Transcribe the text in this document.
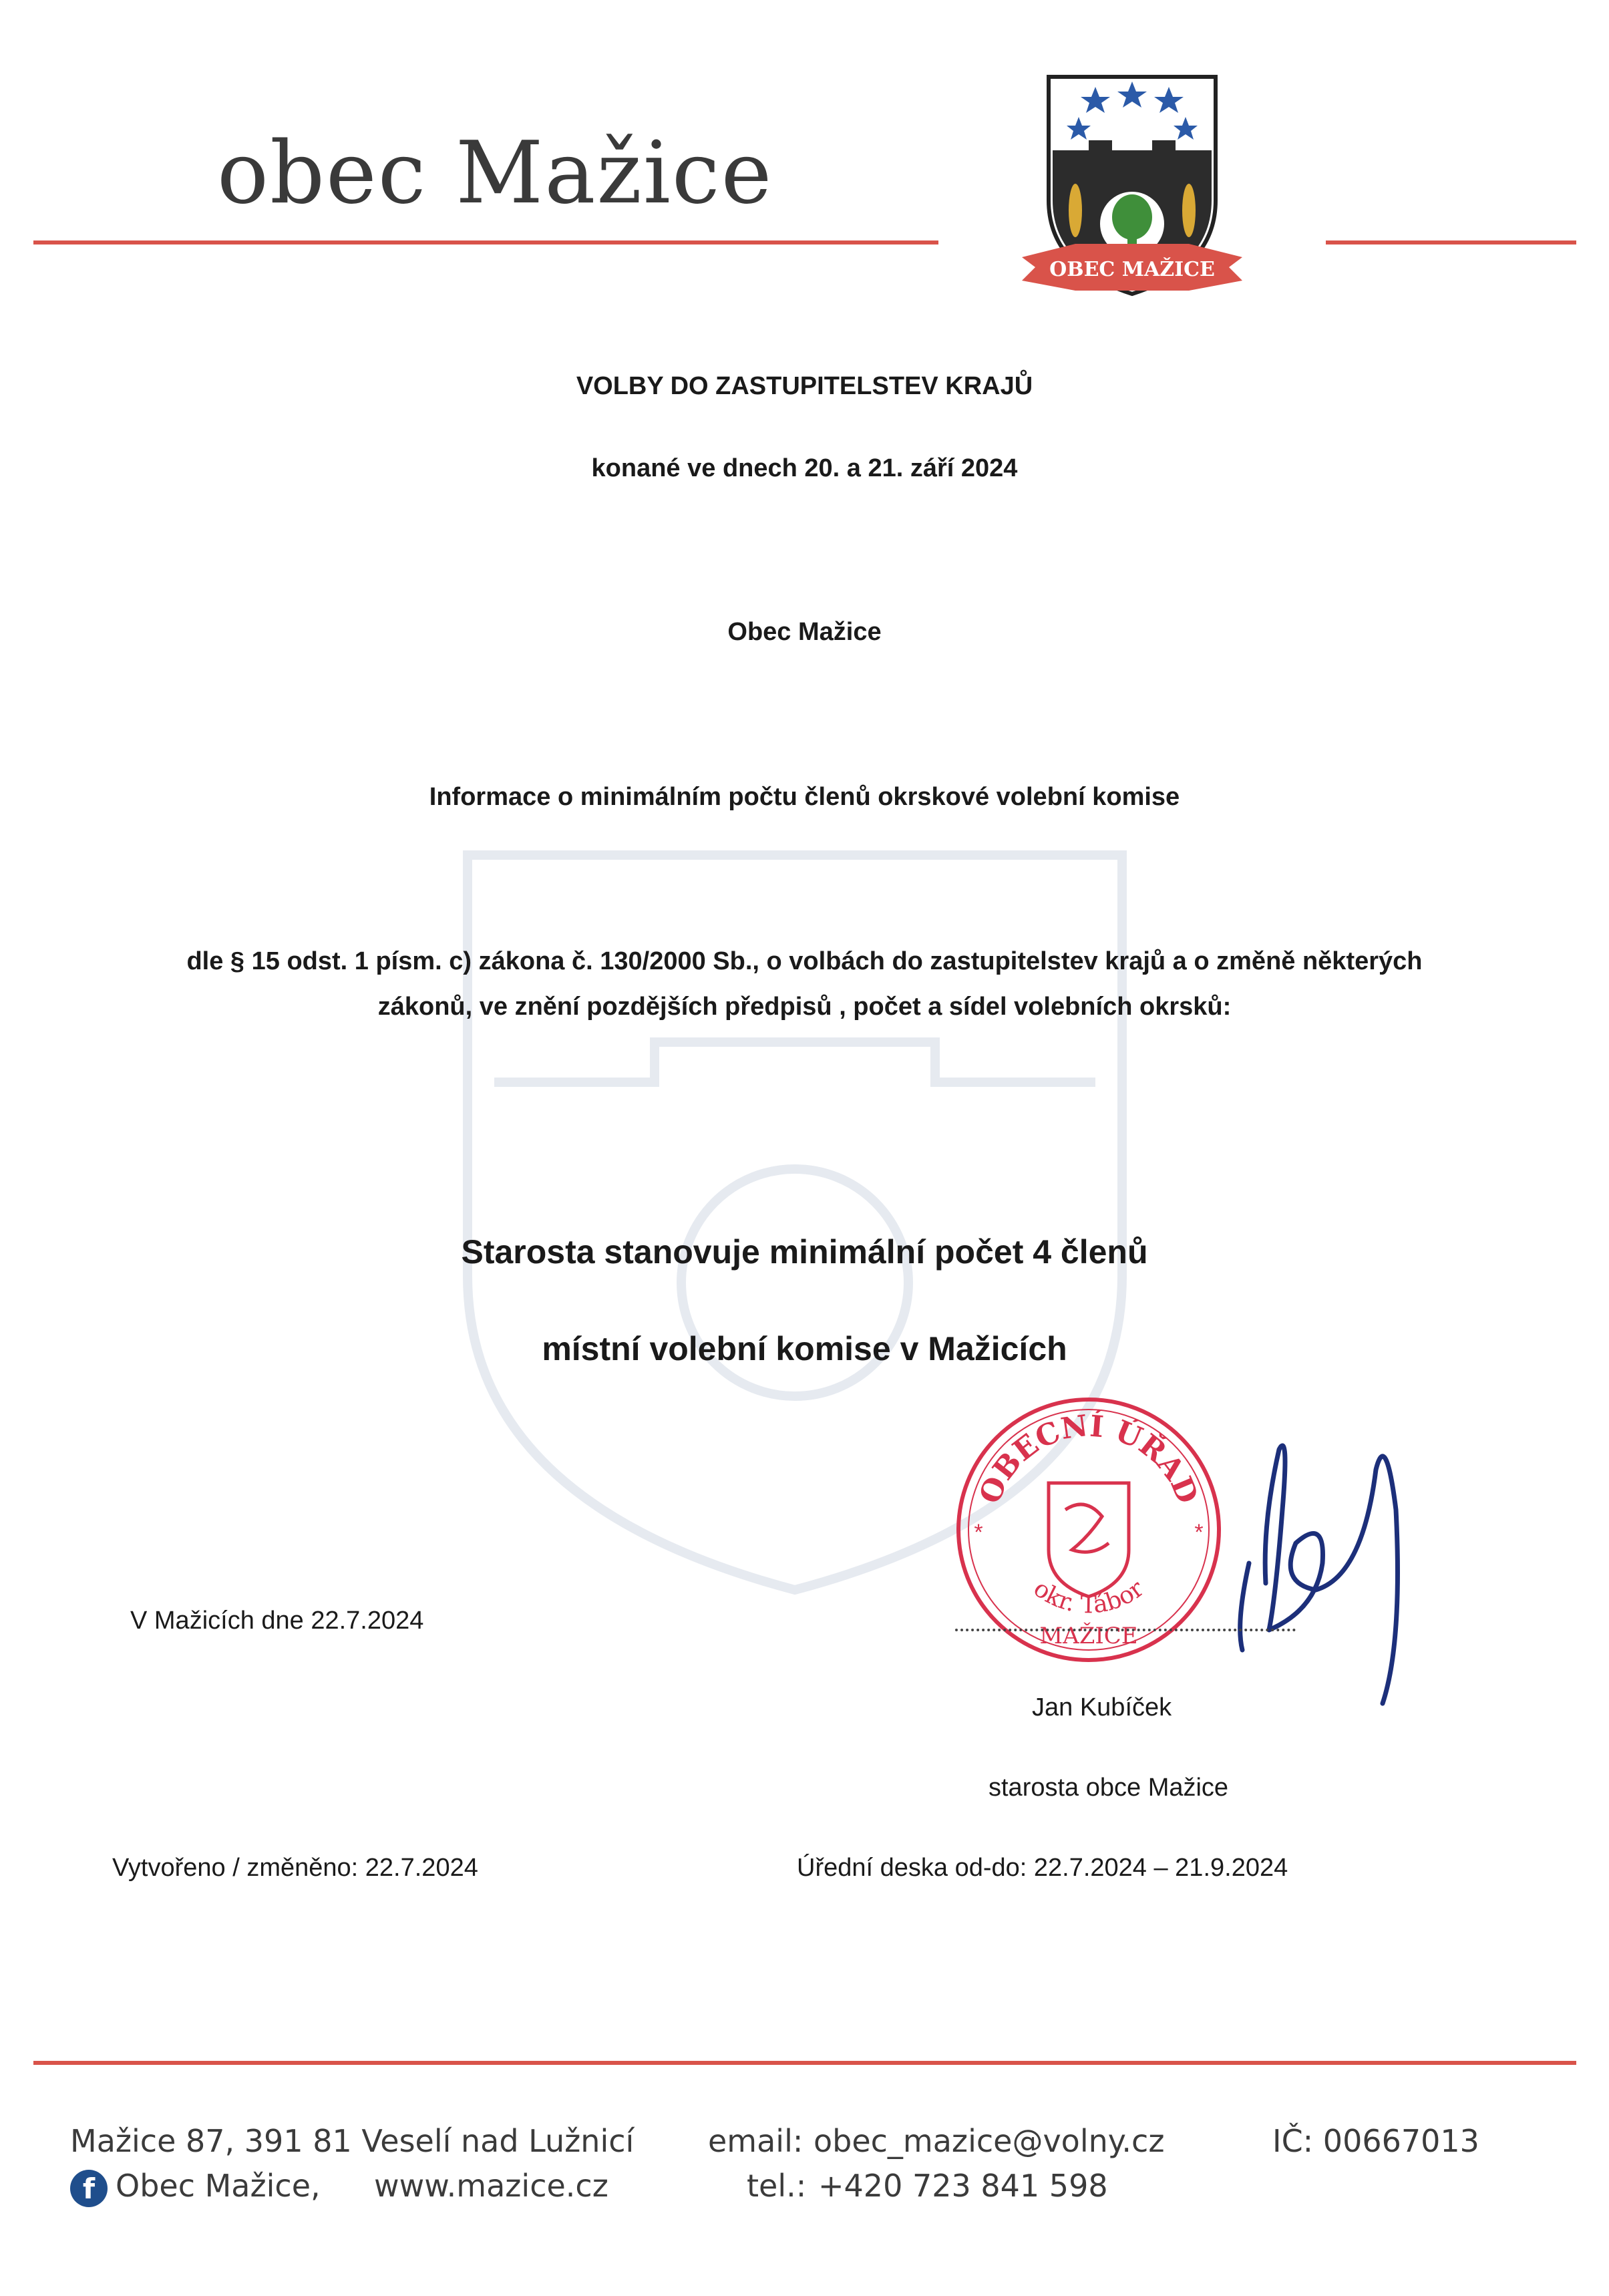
obec Mažice
OBEC MAŽICE
VOLBY DO ZASTUPITELSTEV KRAJŮ
konané ve dnech 20. a 21. září 2024
Obec Mažice
Informace o minimálním počtu členů okrskové volební komise
dle § 15 odst. 1 písm. c) zákona č. 130/2000 Sb., o volbách do zastupitelstev krajů a o změně některých
zákonů, ve znění pozdějších předpisů , počet a sídel volebních okrsků:
Starosta stanovuje minimální počet 4 členů
místní volební komise v Mažicích
OBECNÍ ÚŘAD
okr. Tábor
MAŽICE
*	*
V Mažicích dne 22.7.2024
Jan Kubíček
starosta obce Mažice
Vytvořeno / změněno: 22.7.2024	Úřední deska od-do: 22.7.2024 – 21.9.2024
Mažice 87, 391 81 Veselí nad Lužnicí
f Obec Mažice, www.mazice.cz
email: obec_mazice@volny.cz
tel.: +420 723 841 598
IČ: 00667013
